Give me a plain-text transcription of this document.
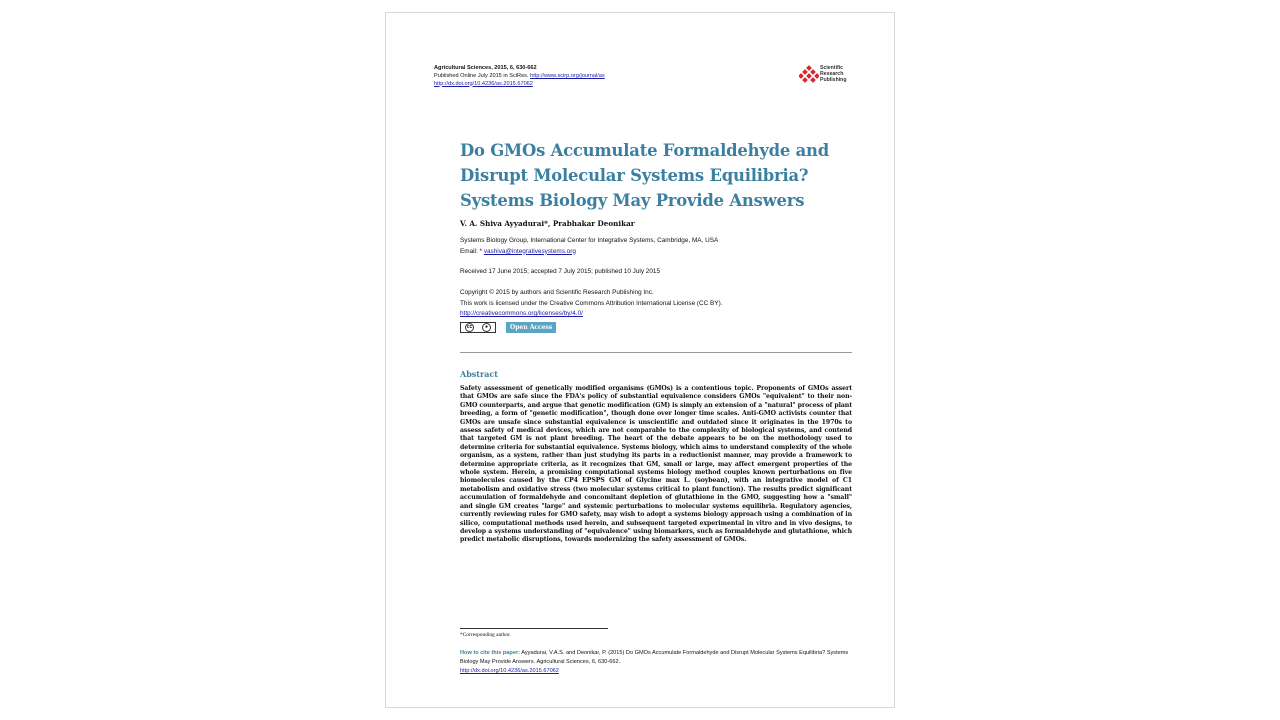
Agricultural Sciences, 2015, 6, 630-662
Published Online July 2015 in SciRes. http://www.scirp.org/journal/as
http://dx.doi.org/10.4236/as.2015.67062
Scientific
Research
Publishing
Do GMOs Accumulate Formaldehyde and
Disrupt Molecular Systems Equilibria?
Systems Biology May Provide Answers
V. A. Shiva Ayyadurai*, Prabhakar Deonikar
Systems Biology Group, International Center for Integrative Systems, Cambridge, MA, USA
Email: * vashiva@integrativesystems.org
Received 17 June 2015; accepted 7 July 2015; published 10 July 2015
Copyright © 2015 by authors and Scientific Research Publishing Inc.
This work is licensed under the Creative Commons Attribution International License (CC BY).
http://creativecommons.org/licenses/by/4.0/
cc	●	Open Access
Abstract

Safety assessment of genetically modified organisms (GMOs) is a contentious topic. Proponents of GMOs assert that GMOs are safe since the FDA's policy of substantial equivalence considers GMOs "equivalent" to their non-GMO counterparts, and argue that genetic modification (GM) is simply an extension of a "natural" process of plant breeding, a form of "genetic modification", though done over longer time scales. Anti-GMO activists counter that GMOs are unsafe since substantial equivalence is unscientific and outdated since it originates in the 1970s to assess safety of medical devices, which are not comparable to the complexity of biological systems, and contend that targeted GM is not plant breeding. The heart of the debate appears to be on the methodology used to determine criteria for substantial equivalence. Systems biology, which aims to understand complexity of the whole organism, as a system, rather than just studying its parts in a reductionist manner, may provide a framework to determine appropriate criteria, as it recognizes that GM, small or large, may affect emergent properties of the whole system. Herein, a promising computational systems biology method couples known perturbations on five biomolecules caused by the CP4 EPSPS GM of Glycine max L. (soybean), with an integrative model of C1 metabolism and oxidative stress (two molecular systems critical to plant function). The results predict significant accumulation of formaldehyde and concomitant depletion of glutathione in the GMO, suggesting how a "small" and single GM creates "large" and systemic perturbations to molecular systems equilibria. Regulatory agencies, currently reviewing rules for GMO safety, may wish to adopt a systems biology approach using a combination of in silico, computational methods used herein, and subsequent targeted experimental in vitro and in vivo designs, to develop a systems understanding of "equivalence" using biomarkers, such as formaldehyde and glutathione, which predict metabolic disruptions, towards modernizing the safety assessment of GMOs.

*Corresponding author.
How to cite this paper: Ayyadurai, V.A.S. and Deonikar, P. (2015) Do GMOs Accumulate Formaldehyde and Disrupt Molecular Systems Equilibria? Systems Biology May Provide Answers. Agricultural Sciences, 6, 630-662.
http://dx.doi.org/10.4236/as.2015.67062
